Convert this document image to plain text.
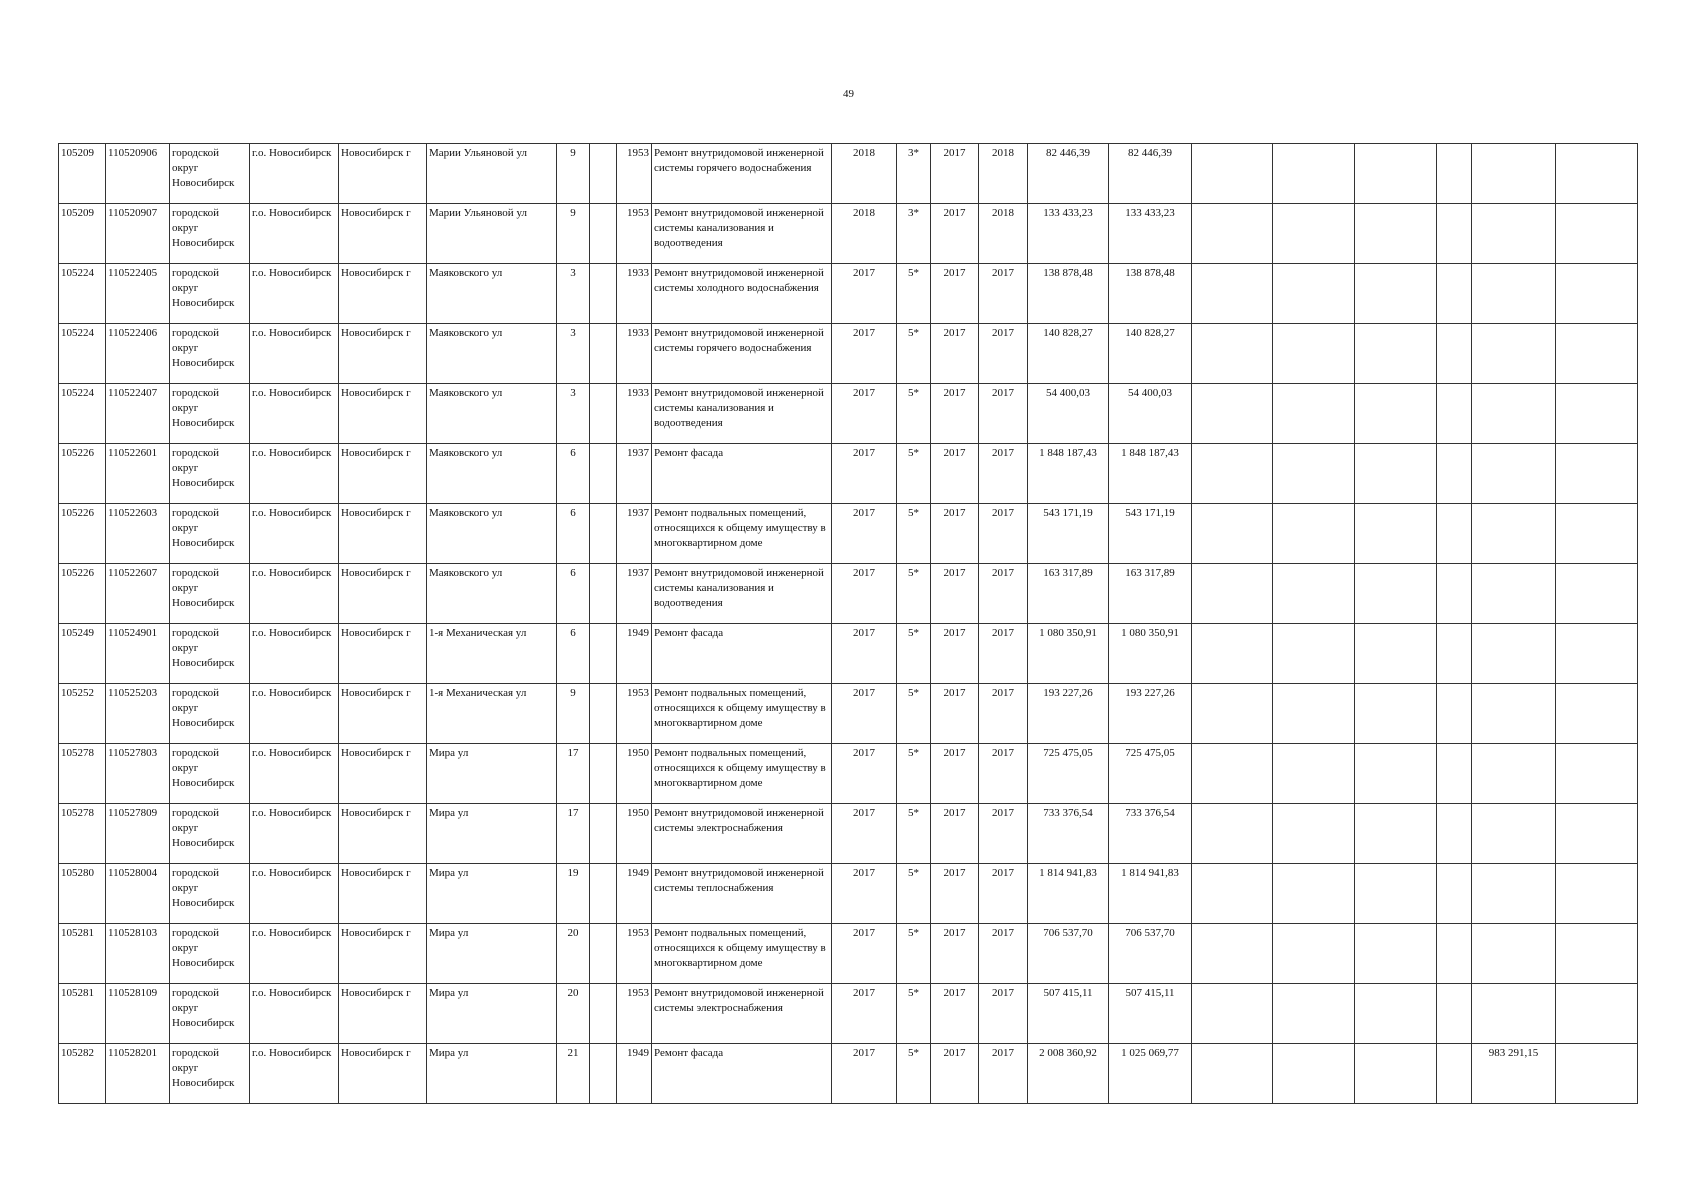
49
105209	110520906	городской округ Новосибирск	г.о. Новосибирск	Новосибирск г	Марии Ульяновой ул	9		1953	Ремонт внутридомовой инженерной системы горячего водоснабжения	2018	3*	2017	2018	82 446,39	82 446,39						
105209	110520907	городской округ Новосибирск	г.о. Новосибирск	Новосибирск г	Марии Ульяновой ул	9		1953	Ремонт внутридомовой инженерной системы канализования и водоотведения	2018	3*	2017	2018	133 433,23	133 433,23						
105224	110522405	городской округ Новосибирск	г.о. Новосибирск	Новосибирск г	Маяковского ул	3		1933	Ремонт внутридомовой инженерной системы холодного водоснабжения	2017	5*	2017	2017	138 878,48	138 878,48						
105224	110522406	городской округ Новосибирск	г.о. Новосибирск	Новосибирск г	Маяковского ул	3		1933	Ремонт внутридомовой инженерной системы горячего водоснабжения	2017	5*	2017	2017	140 828,27	140 828,27						
105224	110522407	городской округ Новосибирск	г.о. Новосибирск	Новосибирск г	Маяковского ул	3		1933	Ремонт внутридомовой инженерной системы канализования и водоотведения	2017	5*	2017	2017	54 400,03	54 400,03						
105226	110522601	городской округ Новосибирск	г.о. Новосибирск	Новосибирск г	Маяковского ул	6		1937	Ремонт фасада	2017	5*	2017	2017	1 848 187,43	1 848 187,43						
105226	110522603	городской округ Новосибирск	г.о. Новосибирск	Новосибирск г	Маяковского ул	6		1937	Ремонт подвальных помещений, относящихся к общему имуществу в многоквартирном доме	2017	5*	2017	2017	543 171,19	543 171,19						
105226	110522607	городской округ Новосибирск	г.о. Новосибирск	Новосибирск г	Маяковского ул	6		1937	Ремонт внутридомовой инженерной системы канализования и водоотведения	2017	5*	2017	2017	163 317,89	163 317,89						
105249	110524901	городской округ Новосибирск	г.о. Новосибирск	Новосибирск г	1-я Механическая ул	6		1949	Ремонт фасада	2017	5*	2017	2017	1 080 350,91	1 080 350,91						
105252	110525203	городской округ Новосибирск	г.о. Новосибирск	Новосибирск г	1-я Механическая ул	9		1953	Ремонт подвальных помещений, относящихся к общему имуществу в многоквартирном доме	2017	5*	2017	2017	193 227,26	193 227,26						
105278	110527803	городской округ Новосибирск	г.о. Новосибирск	Новосибирск г	Мира ул	17		1950	Ремонт подвальных помещений, относящихся к общему имуществу в многоквартирном доме	2017	5*	2017	2017	725 475,05	725 475,05						
105278	110527809	городской округ Новосибирск	г.о. Новосибирск	Новосибирск г	Мира ул	17		1950	Ремонт внутридомовой инженерной системы электроснабжения	2017	5*	2017	2017	733 376,54	733 376,54						
105280	110528004	городской округ Новосибирск	г.о. Новосибирск	Новосибирск г	Мира ул	19		1949	Ремонт внутридомовой инженерной системы теплоснабжения	2017	5*	2017	2017	1 814 941,83	1 814 941,83						
105281	110528103	городской округ Новосибирск	г.о. Новосибирск	Новосибирск г	Мира ул	20		1953	Ремонт подвальных помещений, относящихся к общему имуществу в многоквартирном доме	2017	5*	2017	2017	706 537,70	706 537,70						
105281	110528109	городской округ Новосибирск	г.о. Новосибирск	Новосибирск г	Мира ул	20		1953	Ремонт внутридомовой инженерной системы электроснабжения	2017	5*	2017	2017	507 415,11	507 415,11						
105282	110528201	городской округ Новосибирск	г.о. Новосибирск	Новосибирск г	Мира ул	21		1949	Ремонт фасада	2017	5*	2017	2017	2 008 360,92	1 025 069,77					983 291,15	
